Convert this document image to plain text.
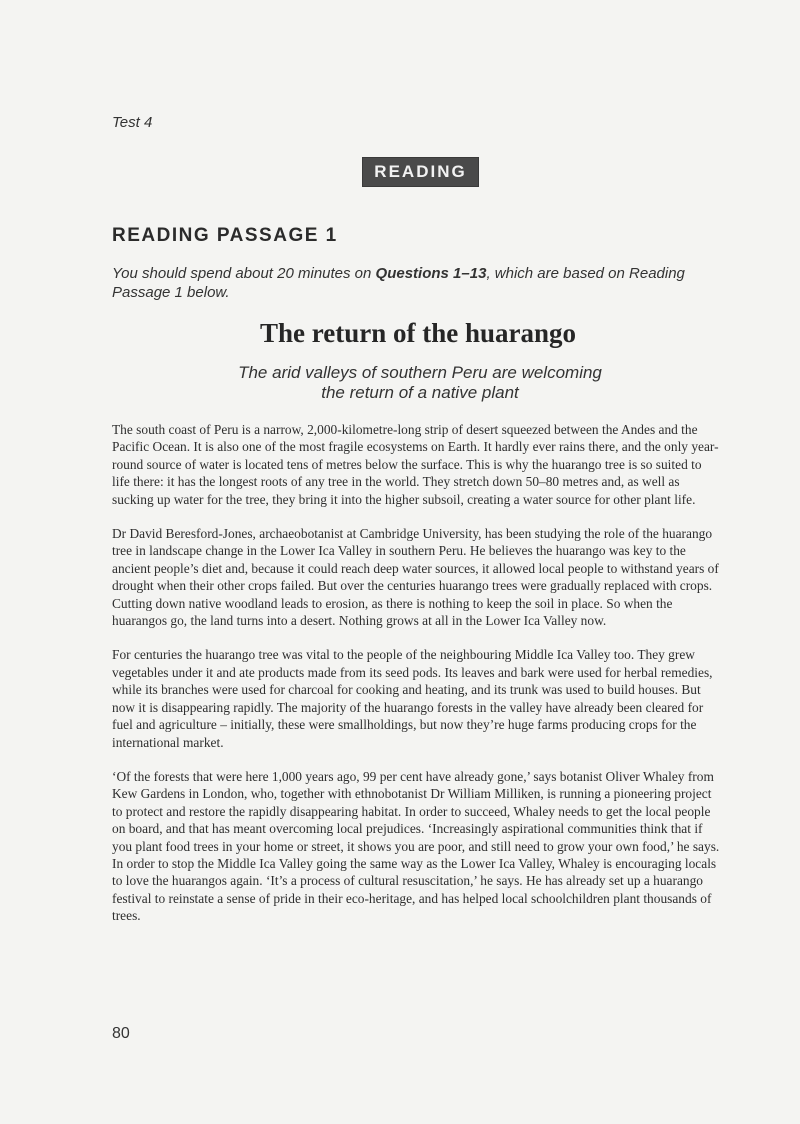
Test 4
READING
READING PASSAGE 1
You should spend about 20 minutes on Questions 1–13, which are based on Reading Passage 1 below.
The return of the huarango
The arid valleys of southern Peru are welcoming
the return of a native plant

The south coast of Peru is a narrow, 2,000-kilometre-long strip of desert squeezed between the Andes and the Pacific Ocean. It is also one of the most fragile ecosystems on Earth. It hardly ever rains there, and the only year-round source of water is located tens of metres below the surface. This is why the huarango tree is so suited to life there: it has the longest roots of any tree in the world. They stretch down 50–80 metres and, as well as sucking up water for the tree, they bring it into the higher subsoil, creating a water source for other plant life.

Dr David Beresford-Jones, archaeobotanist at Cambridge University, has been studying the role of the huarango tree in landscape change in the Lower Ica Valley in southern Peru. He believes the huarango was key to the ancient people’s diet and, because it could reach deep water sources, it allowed local people to withstand years of drought when their other crops failed. But over the centuries huarango trees were gradually replaced with crops. Cutting down native woodland leads to erosion, as there is nothing to keep the soil in place. So when the huarangos go, the land turns into a desert. Nothing grows at all in the Lower Ica Valley now.

For centuries the huarango tree was vital to the people of the neighbouring Middle Ica Valley too. They grew vegetables under it and ate products made from its seed pods. Its leaves and bark were used for herbal remedies, while its branches were used for charcoal for cooking and heating, and its trunk was used to build houses. But now it is disappearing rapidly. The majority of the huarango forests in the valley have already been cleared for fuel and agriculture – initially, these were smallholdings, but now they’re huge farms producing crops for the international market.

‘Of the forests that were here 1,000 years ago, 99 per cent have already gone,’ says botanist Oliver Whaley from Kew Gardens in London, who, together with ethnobotanist Dr William Milliken, is running a pioneering project to protect and restore the rapidly disappearing habitat. In order to succeed, Whaley needs to get the local people on board, and that has meant overcoming local prejudices. ‘Increasingly aspirational communities think that if you plant food trees in your home or street, it shows you are poor, and still need to grow your own food,’ he says. In order to stop the Middle Ica Valley going the same way as the Lower Ica Valley, Whaley is encouraging locals to love the huarangos again. ‘It’s a process of cultural resuscitation,’ he says. He has already set up a huarango festival to reinstate a sense of pride in their eco-heritage, and has helped local schoolchildren plant thousands of trees.

80
